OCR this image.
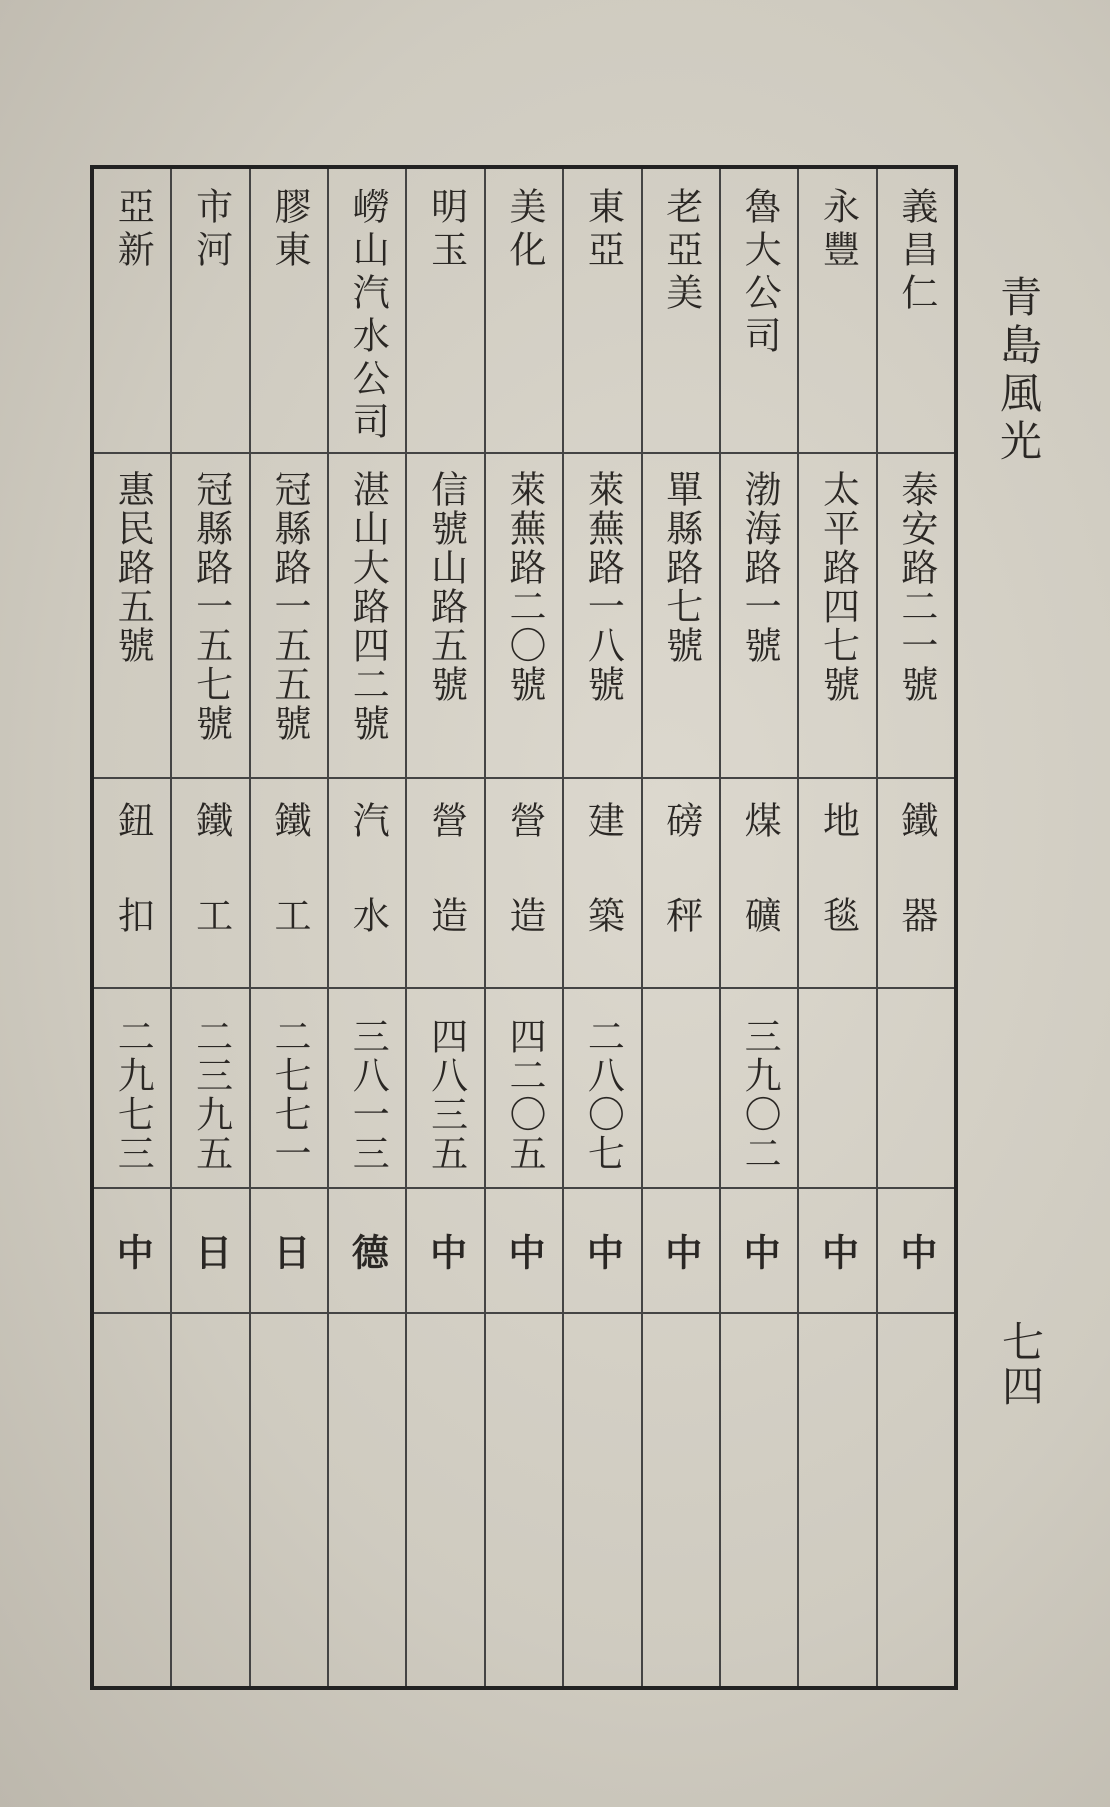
青島風光
七四
義昌仁
泰安路二一號
鐵器
中
永豐
太平路四七號
地毯
中
魯大公司
渤海路一號
煤礦
三九〇二
中
老亞美
單縣路七號
磅秤
中
東亞
萊蕪路一八號
建築
二八〇七
中
美化
萊蕪路二〇號
營造
四二〇五
中
明玉
信號山路五號
營造
四八三五
中
嶗山汽水公司
湛山大路四二號
汽水
三八一三
德
膠東
冠縣路一五五號
鐵工
二七七一
日
市河
冠縣路一五七號
鐵工
二三九五
日
亞新
惠民路五號
鈕扣
二九七三
中
